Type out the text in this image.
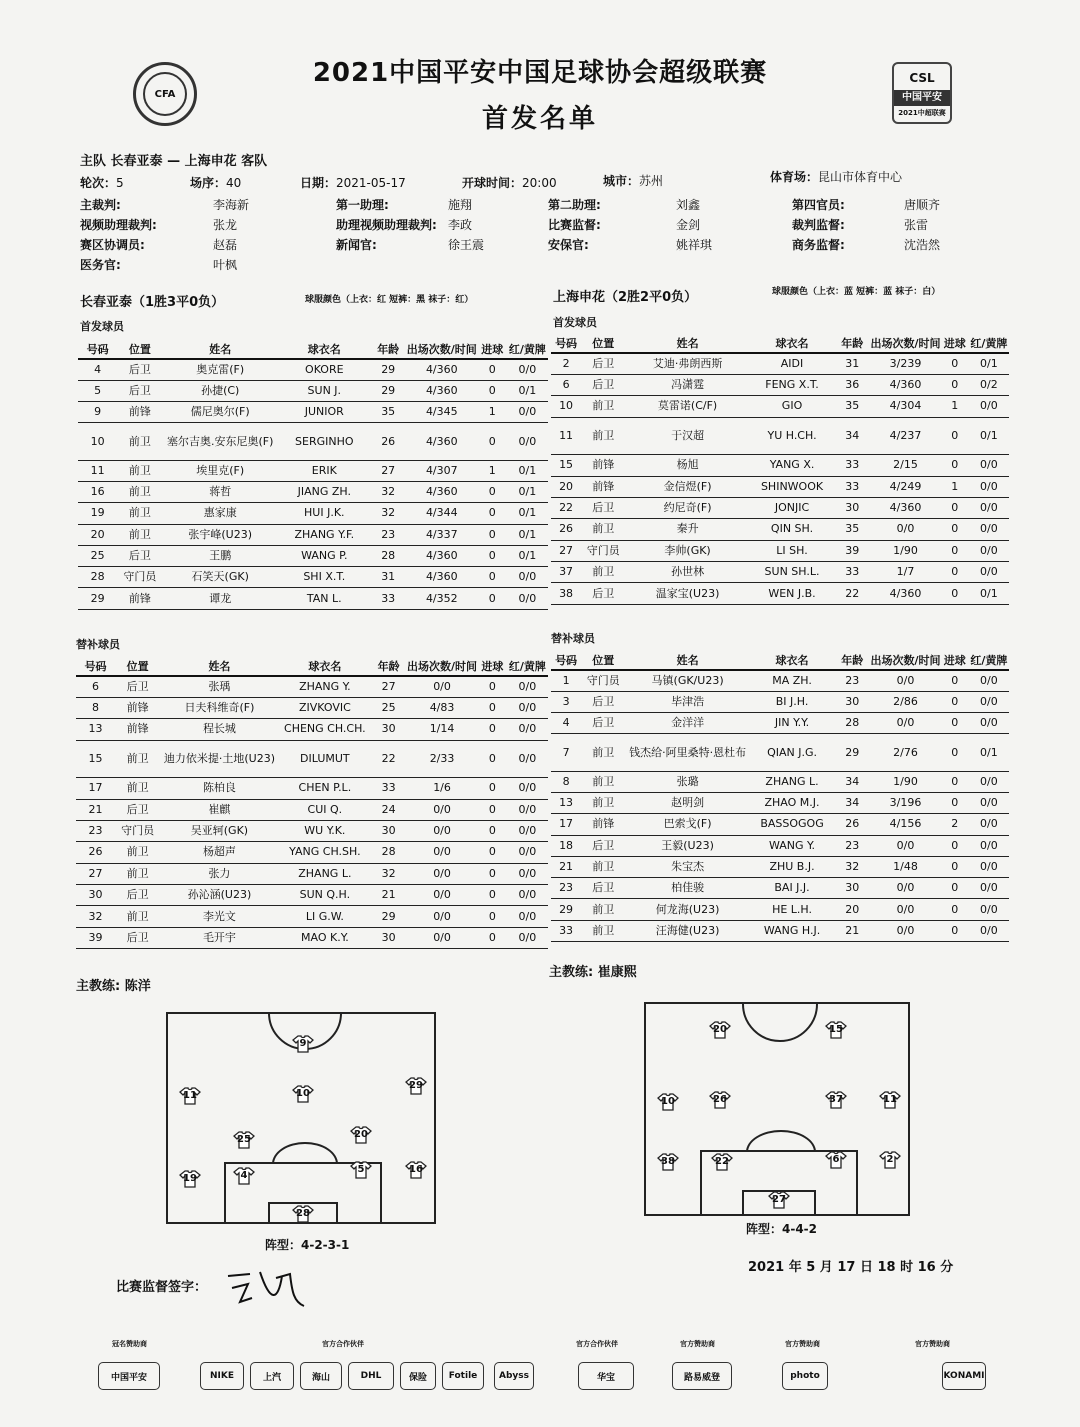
CFA
2021中国平安中国足球协会超级联赛
首发名单
CSL
中国平安
2021中超联赛
主队 长春亚泰 — 上海申花 客队
轮次：5	场序：40	日期：2021-05-17	开球时间：20:00	城市：苏州	体育场：昆山市体育中心
主裁判:	李海新	第一助理:	施翔	第二助理:	刘鑫	第四官员:	唐顺齐
视频助理裁判:	张龙	助理视频助理裁判: 李政	比赛监督:	金剑	裁判监督:	张雷
赛区协调员:	赵磊	新闻官:	徐王震	安保官:	姚祥琪	商务监督:	沈浩然
医务官:	叶枫
长春亚泰（1胜3平0负）	球服颜色（上衣：红 短裤：黑 袜子：红）	上海申花（2胜2平0负）	球服颜色（上衣：蓝 短裤：蓝 袜子：白）
首发球员	首发球员
替补球员	替补球员
号码	位置	姓名	球衣名	年龄	出场次数/时间	进球	红/黄牌
4	后卫	奥克雷(F)	OKORE	29	4/360	0	0/0
5	后卫	孙捷(C)	SUN J.	29	4/360	0	0/1
9	前锋	儒尼奥尔(F)	JUNIOR	35	4/345	1	0/0
10	前卫	塞尔吉奥.安东尼奥(F)	SERGINHO	26	4/360	0	0/0
11	前卫	埃里克(F)	ERIK	27	4/307	1	0/1
16	前卫	蒋哲	JIANG ZH.	32	4/360	0	0/1
19	前卫	惠家康	HUI J.K.	32	4/344	0	0/1
20	前卫	张宇峰(U23)	ZHANG Y.F.	23	4/337	0	0/1
25	后卫	王鹏	WANG P.	28	4/360	0	0/1
28	守门员	石笑天(GK)	SHI X.T.	31	4/360	0	0/0
29	前锋	谭龙	TAN L.	33	4/352	0	0/0
号码	位置	姓名	球衣名	年龄	出场次数/时间	进球	红/黄牌
2	后卫	艾迪·弗朗西斯	AIDI	31	3/239	0	0/1
6	后卫	冯潇霆	FENG X.T.	36	4/360	0	0/2
10	前卫	莫雷诺(C/F)	GIO	35	4/304	1	0/0
11	前卫	于汉超	YU H.CH.	34	4/237	0	0/1
15	前锋	杨旭	YANG X.	33	2/15	0	0/0
20	前锋	金信煜(F)	SHINWOOK	33	4/249	1	0/0
22	后卫	约尼奇(F)	JONJIC	30	4/360	0	0/0
26	前卫	秦升	QIN SH.	35	0/0	0	0/0
27	守门员	李帅(GK)	LI SH.	39	1/90	0	0/0
37	前卫	孙世林	SUN SH.L.	33	1/7	0	0/0
38	后卫	温家宝(U23)	WEN J.B.	22	4/360	0	0/1
号码	位置	姓名	球衣名	年龄	出场次数/时间	进球	红/黄牌
6	后卫	张瑀	ZHANG Y.	27	0/0	0	0/0
8	前锋	日夫科维奇(F)	ZIVKOVIC	25	4/83	0	0/0
13	前锋	程长城	CHENG CH.CH.	30	1/14	0	0/0
15	前卫	迪力依米提·土地(U23)	DILUMUT	22	2/33	0	0/0
17	前卫	陈柏良	CHEN P.L.	33	1/6	0	0/0
21	后卫	崔麒	CUI Q.	24	0/0	0	0/0
23	守门员	吴亚轲(GK)	WU Y.K.	30	0/0	0	0/0
26	前卫	杨超声	YANG CH.SH.	28	0/0	0	0/0
27	前卫	张力	ZHANG L.	32	0/0	0	0/0
30	后卫	孙沁涵(U23)	SUN Q.H.	21	0/0	0	0/0
32	前卫	李光文	LI G.W.	29	0/0	0	0/0
39	后卫	毛开宇	MAO K.Y.	30	0/0	0	0/0
号码	位置	姓名	球衣名	年龄	出场次数/时间	进球	红/黄牌
1	守门员	马镇(GK/U23)	MA ZH.	23	0/0	0	0/0
3	后卫	毕津浩	BI J.H.	30	2/86	0	0/0
4	后卫	金洋洋	JIN Y.Y.	28	0/0	0	0/0
7	前卫	钱杰给·阿里桑特·恩杜布	QIAN J.G.	29	2/76	0	0/1
8	前卫	张璐	ZHANG L.	34	1/90	0	0/0
13	前卫	赵明剑	ZHAO M.J.	34	3/196	0	0/0
17	前锋	巴索戈(F)	BASSOGOG	26	4/156	2	0/0
18	后卫	王毅(U23)	WANG Y.	23	0/0	0	0/0
21	前卫	朱宝杰	ZHU B.J.	32	1/48	0	0/0
23	后卫	柏佳骏	BAI J.J.	30	0/0	0	0/0
29	前卫	何龙海(U23)	HE L.H.	20	0/0	0	0/0
33	前卫	汪海健(U23)	WANG H.J.	21	0/0	0	0/0
主教练: 陈洋
主教练: 崔康熙
9
11	10
29
25	20
19	4
5	16
28
20	15
10	26	37	11
38	22	6	2
27
阵型：4-2-3-1
阵型：4-4-2
2021 年 5 月 17 日 18 时 16 分
比赛监督签字：
冠名赞助商
中国平安
官方合作伙伴	官方合作伙伴	官方赞助商	官方赞助商	官方赞助商
NIKE	上汽	海山	DHL	保险	Fotile	Abyss	华宝	路易威登	photo	KONAMI
